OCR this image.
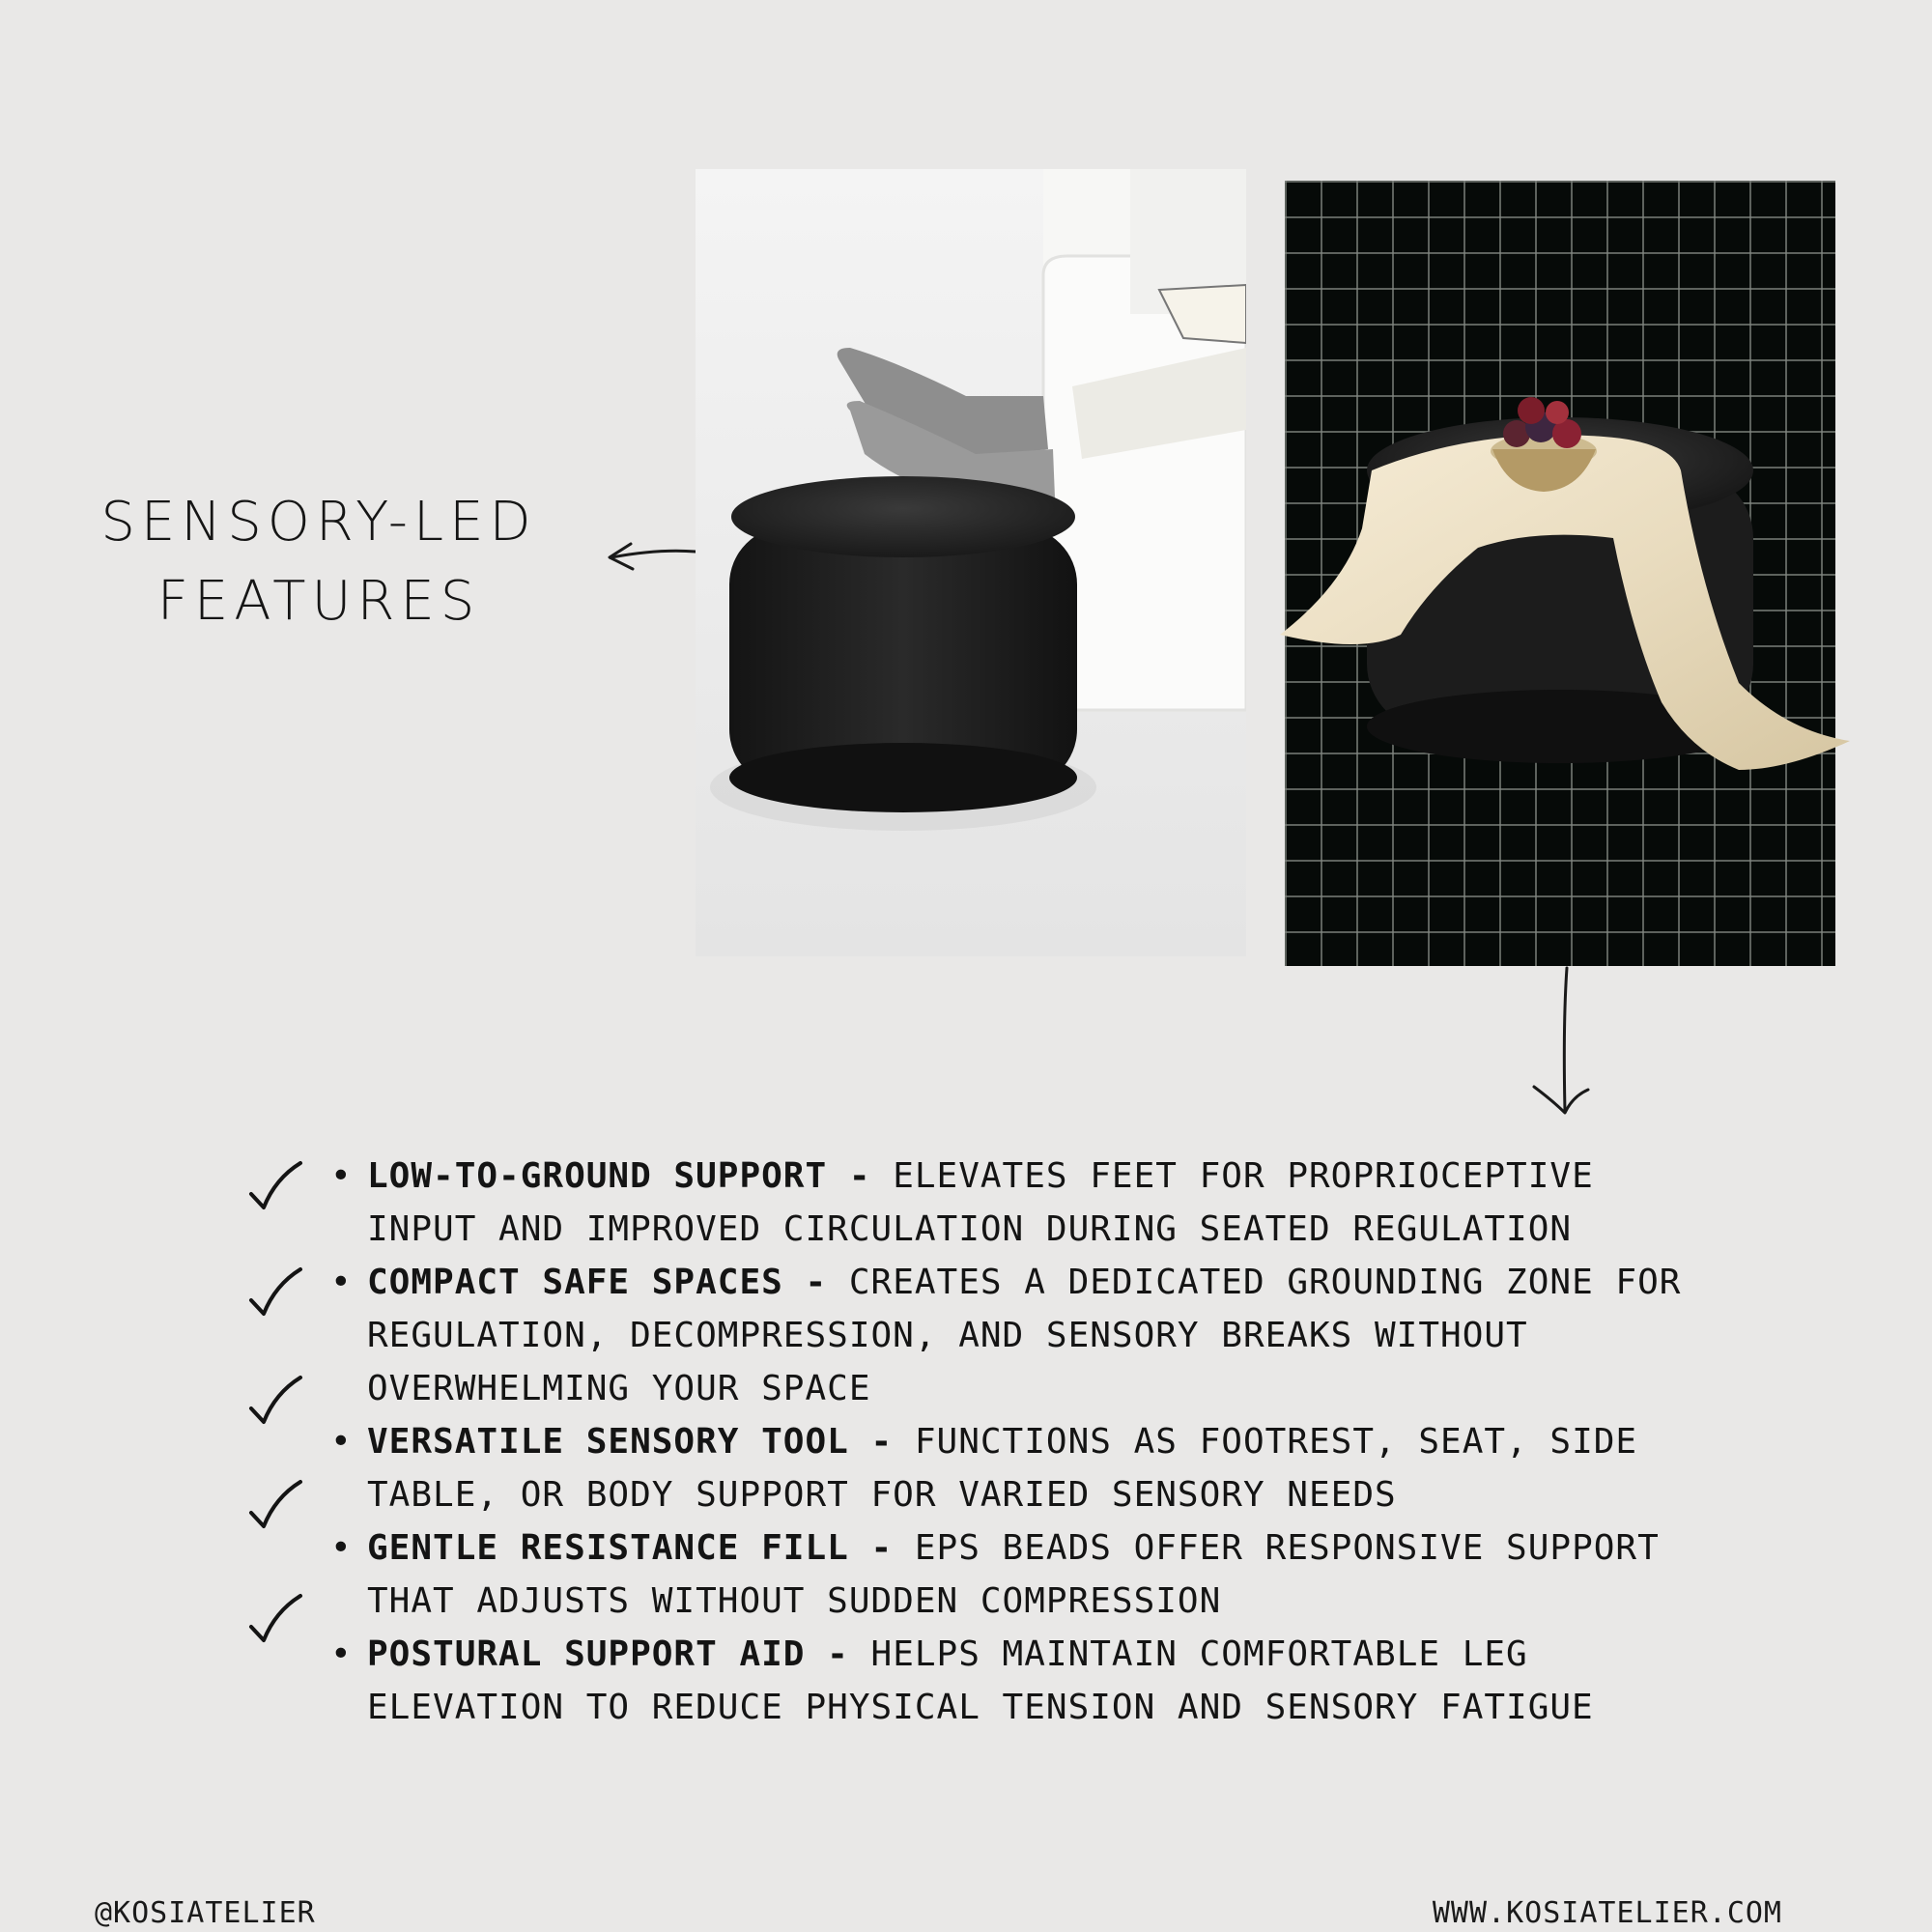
SENSORY-LED
FEATURES
• LOW-TO-GROUND SUPPORT - ELEVATES FEET FOR PROPRIOCEPTIVE INPUT AND IMPROVED CIRCULATION DURING SEATED REGULATION
• COMPACT SAFE SPACES - CREATES A DEDICATED GROUNDING ZONE FOR REGULATION, DECOMPRESSION, AND SENSORY BREAKS WITHOUT OVERWHELMING YOUR SPACE
• VERSATILE SENSORY TOOL - FUNCTIONS AS FOOTREST, SEAT, SIDE TABLE, OR BODY SUPPORT FOR VARIED SENSORY NEEDS
• GENTLE RESISTANCE FILL - EPS BEADS OFFER RESPONSIVE SUPPORT THAT ADJUSTS WITHOUT SUDDEN COMPRESSION
• POSTURAL SUPPORT AID - HELPS MAINTAIN COMFORTABLE LEG ELEVATION TO REDUCE PHYSICAL TENSION AND SENSORY FATIGUE
@KOSIATELIER	WWW.KOSIATELIER.COM
